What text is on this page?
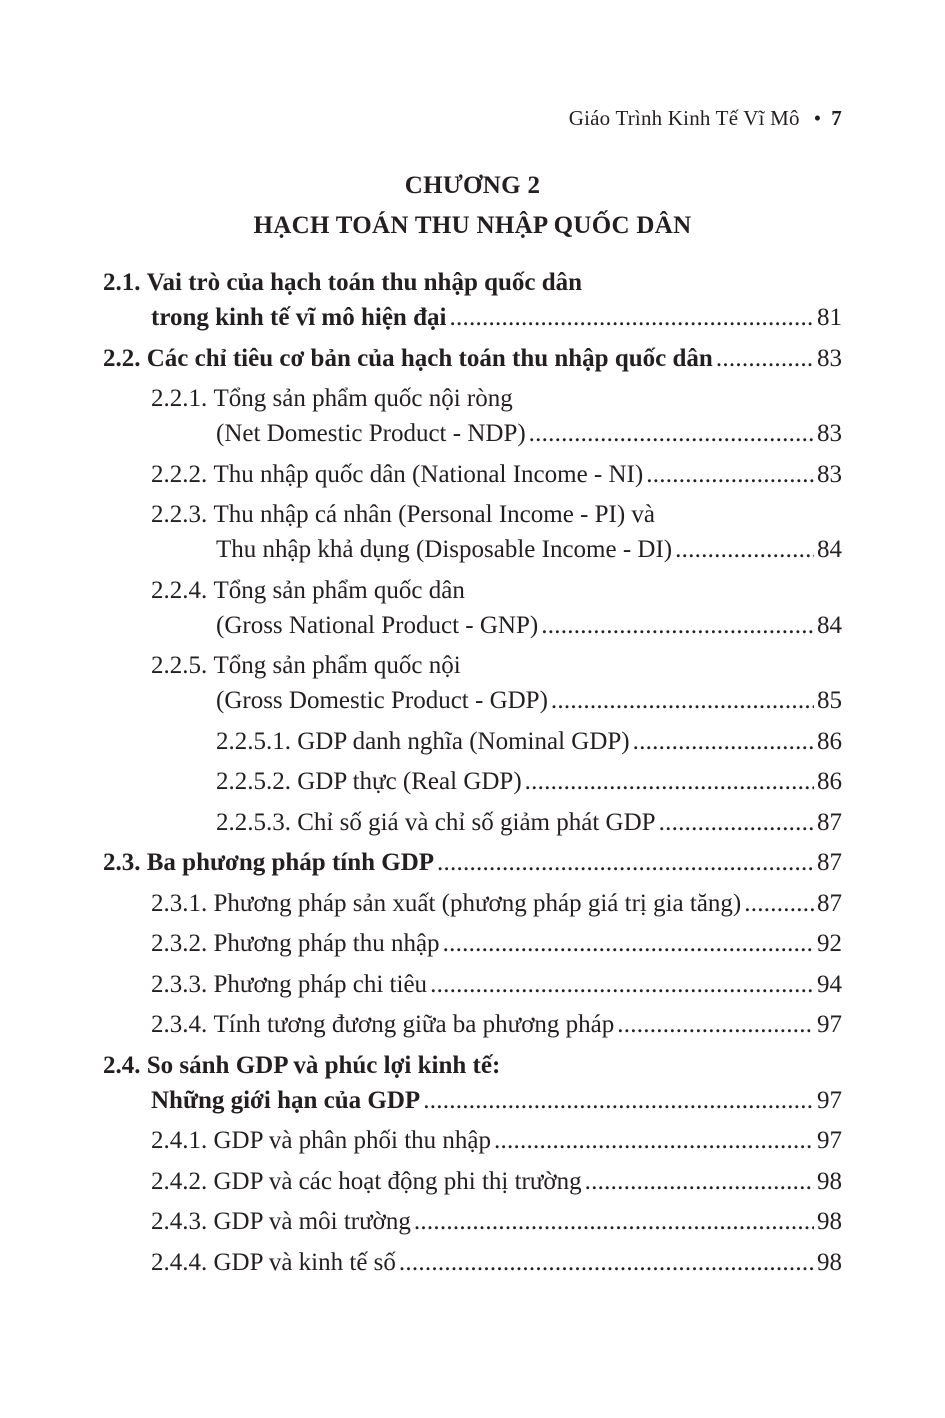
Giáo Trình Kinh Tế Vĩ Mô • 7
CHƯƠNG 2
HẠCH TOÁN THU NHẬP QUỐC DÂN
2.1. Vai trò của hạch toán thu nhập quốc dân
trong kinh tế vĩ mô hiện đại . . .	81
2.2. Các chỉ tiêu cơ bản của hạch toán thu nhập quốc dân . . .	83
2.2.1. Tổng sản phẩm quốc nội ròng
(Net Domestic Product - NDP) . . .	83
2.2.2. Thu nhập quốc dân (National Income - NI) . . .	83
2.2.3. Thu nhập cá nhân (Personal Income - PI) và
Thu nhập khả dụng (Disposable Income - DI) . . .	84
2.2.4. Tổng sản phẩm quốc dân
(Gross National Product - GNP) . . .	84
2.2.5. Tổng sản phẩm quốc nội
(Gross Domestic Product - GDP) . . .	85
2.2.5.1. GDP danh nghĩa (Nominal GDP) . . .	86
2.2.5.2. GDP thực (Real GDP) . . .	86
2.2.5.3. Chỉ số giá và chỉ số giảm phát GDP . . .	87
2.3. Ba phương pháp tính GDP . . .	87
2.3.1. Phương pháp sản xuất (phương pháp giá trị gia tăng) . . .	87
2.3.2. Phương pháp thu nhập . . .	92
2.3.3. Phương pháp chi tiêu . . .	94
2.3.4. Tính tương đương giữa ba phương pháp . . .	97
2.4. So sánh GDP và phúc lợi kinh tế:
Những giới hạn của GDP . . .	97
2.4.1. GDP và phân phối thu nhập . . .	97
2.4.2. GDP và các hoạt động phi thị trường . . .	98
2.4.3. GDP và môi trường . . .	98
2.4.4. GDP và kinh tế số . . .	98
